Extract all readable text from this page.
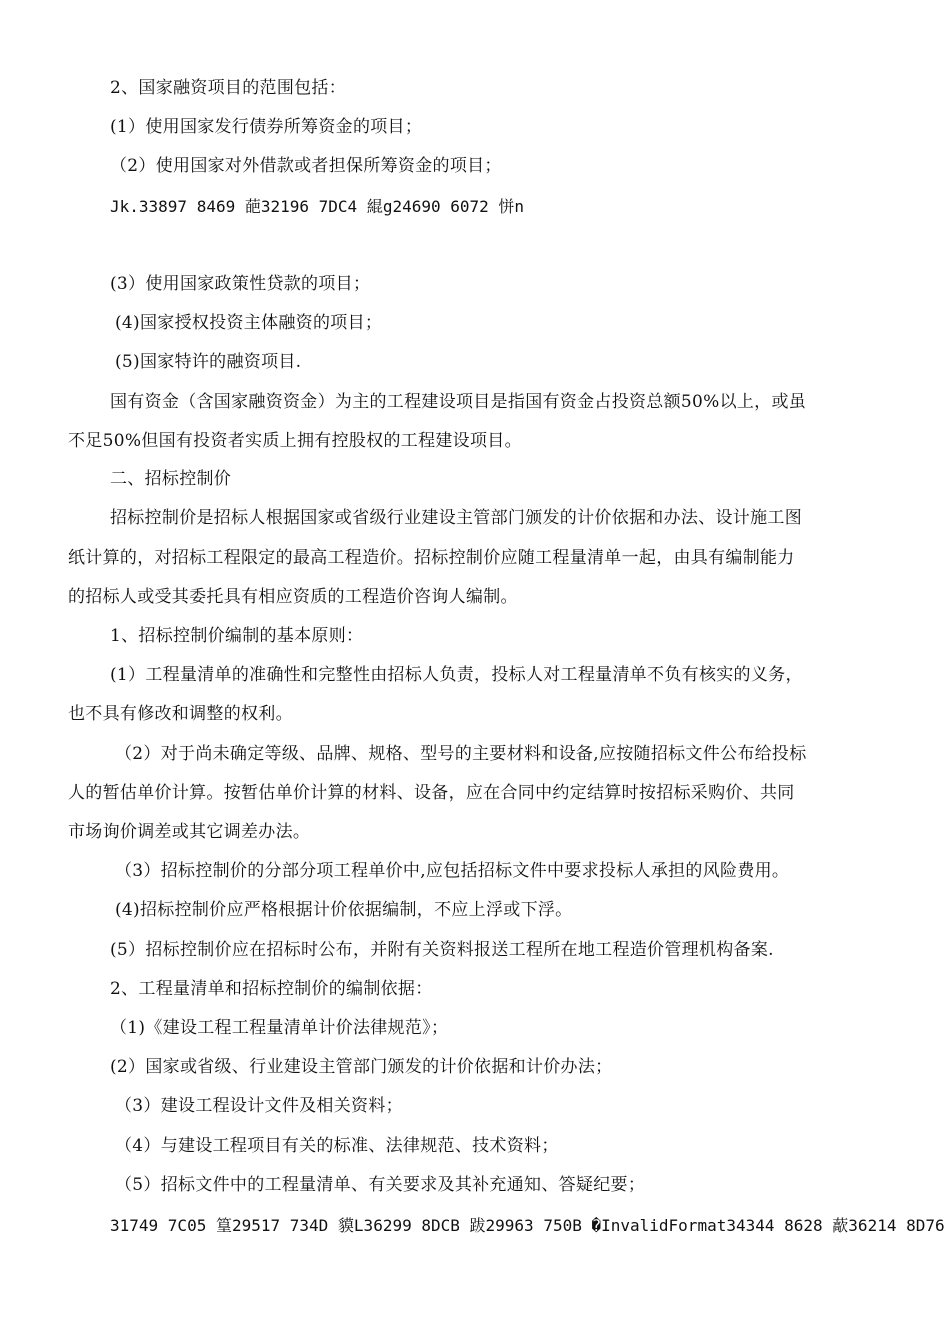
2、国家融资项目的范围包括：
(1）使用国家发行债券所筹资金的项目；
（2）使用国家对外借款或者担保所筹资金的项目；
Jk.33897 8469 葩32196 7DC4 緄g24690 6072 恲n
(3）使用国家政策性贷款的项目；
(4)国家授权投资主体融资的项目；
(5)国家特许的融资项目.
国有资金（含国家融资资金）为主的工程建设项目是指国有资金占投资总额50%以上，或虽
不足50%但国有投资者实质上拥有控股权的工程建设项目。
二、招标控制价
招标控制价是招标人根据国家或省级行业建设主管部门颁发的计价依据和办法、设计施工图
纸计算的，对招标工程限定的最高工程造价。招标控制价应随工程量清单一起，由具有编制能力
的招标人或受其委托具有相应资质的工程造价咨询人编制。
1、招标控制价编制的基本原则：
(1）工程量清单的准确性和完整性由招标人负责，投标人对工程量清单不负有核实的义务，
也不具有修改和调整的权利。
（2）对于尚未确定等级、品牌、规格、型号的主要材料和设备,应按随招标文件公布给投标
人的暂估单价计算。按暂估单价计算的材料、设备，应在合同中约定结算时按招标采购价、共同
市场询价调差或其它调差办法。
（3）招标控制价的分部分项工程单价中,应包括招标文件中要求投标人承担的风险费用。
(4)招标控制价应严格根据计价依据编制，不应上浮或下浮。
(5）招标控制价应在招标时公布，并附有关资料报送工程所在地工程造价管理机构备案.
2、工程量清单和招标控制价的编制依据：
（1)《建设工程工程量清单计价法律规范》；
(2）国家或省级、行业建设主管部门颁发的计价依据和计价办法；
（3）建设工程设计文件及相关资料；
（4）与建设工程项目有关的标准、法律规范、技术资料；
（5）招标文件中的工程量清单、有关要求及其补充通知、答疑纪要；
31749 7C05 篁29517 734D 貘L36299 8DCB 跋29963 750B �InvalidFormat34344 8628 藃36214 8D76
